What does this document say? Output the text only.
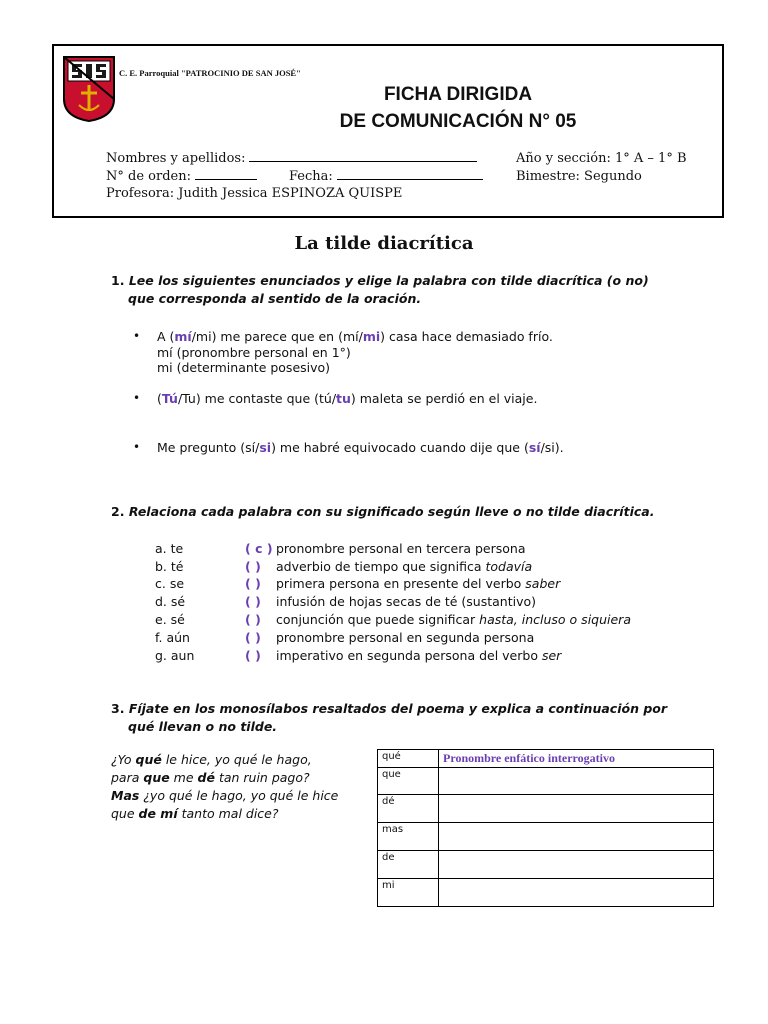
C. E. Parroquial "PATROCINIO DE SAN JOSÉ"
FICHA DIRIGIDA
DE COMUNICACIÓN N° 05
Nombres y apellidos:	Año y sección: 1° A – 1° B
N° de orden:	Fecha:	Bimestre: Segundo
Profesora: Judith Jessica ESPINOZA QUISPE
La tilde diacrítica
1. Lee los siguientes enunciados y elige la palabra con tilde diacrítica (o no)
que corresponda al sentido de la oración.
• A (mí/mi) me parece que en (mí/mi) casa hace demasiado frío.
mí (pronombre personal en 1°)
mi (determinante posesivo)
• (Tú/Tu) me contaste que (tú/tu) maleta se perdió en el viaje.
• Me pregunto (sí/si) me habré equivocado cuando dije que (sí/si).
2. Relaciona cada palabra con su significado según lleve o no tilde diacrítica.
a. te	( c ) pronombre personal en tercera persona
b. té	( ) adverbio de tiempo que significa todavía
c. se	( ) primera persona en presente del verbo saber
d. sé	( ) infusión de hojas secas de té (sustantivo)
e. sé	( ) conjunción que puede significar hasta, incluso o siquiera
f. aún	( ) pronombre personal en segunda persona
g. aun	( ) imperativo en segunda persona del verbo ser
3. Fíjate en los monosílabos resaltados del poema y explica a continuación por
qué llevan o no tilde.
¿Yo qué le hice, yo qué le hago,
para que me dé tan ruin pago?
Mas ¿yo qué le hago, yo qué le hice
que de mí tanto mal dice?
qué	Pronombre enfático interrogativo
que	
dé	
mas	
de	
mi	
